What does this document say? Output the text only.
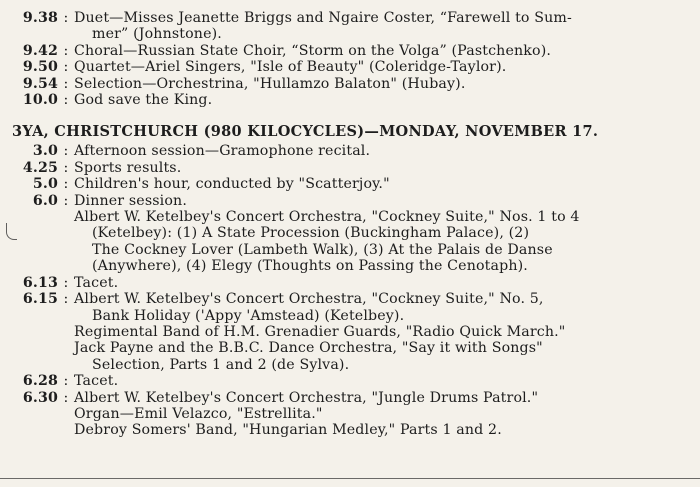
9.38 : Duet—Misses Jeanette Briggs and Ngaire Coster, “Farewell to Sum-
mer” (Johnstone).
9.42 : Choral—Russian State Choir, “Storm on the Volga” (Pastchenko).
9.50 : Quartet—Ariel Singers, "Isle of Beauty" (Coleridge-Taylor).
9.54 : Selection—Orchestrina, "Hullamzo Balaton" (Hubay).
10.0 : God save the King.
3YA, CHRISTCHURCH (980 KILOCYCLES)—MONDAY, NOVEMBER 17.
3.0 : Afternoon session—Gramophone recital.
4.25 : Sports results.
5.0 : Children's hour, conducted by "Scatterjoy."
6.0 : Dinner session.
Albert W. Ketelbey's Concert Orchestra, "Cockney Suite," Nos. 1 to 4
(Ketelbey): (1) A State Procession (Buckingham Palace), (2)
The Cockney Lover (Lambeth Walk), (3) At the Palais de Danse
(Anywhere), (4) Elegy (Thoughts on Passing the Cenotaph).
6.13 : Tacet.
6.15 : Albert W. Ketelbey's Concert Orchestra, "Cockney Suite," No. 5,
Bank Holiday ('Appy 'Amstead) (Ketelbey).
Regimental Band of H.M. Grenadier Guards, "Radio Quick March."
Jack Payne and the B.B.C. Dance Orchestra, "Say it with Songs"
Selection, Parts 1 and 2 (de Sylva).
6.28 : Tacet.
6.30 : Albert W. Ketelbey's Concert Orchestra, "Jungle Drums Patrol."
Organ—Emil Velazco, "Estrellita."
Debroy Somers' Band, "Hungarian Medley," Parts 1 and 2.
